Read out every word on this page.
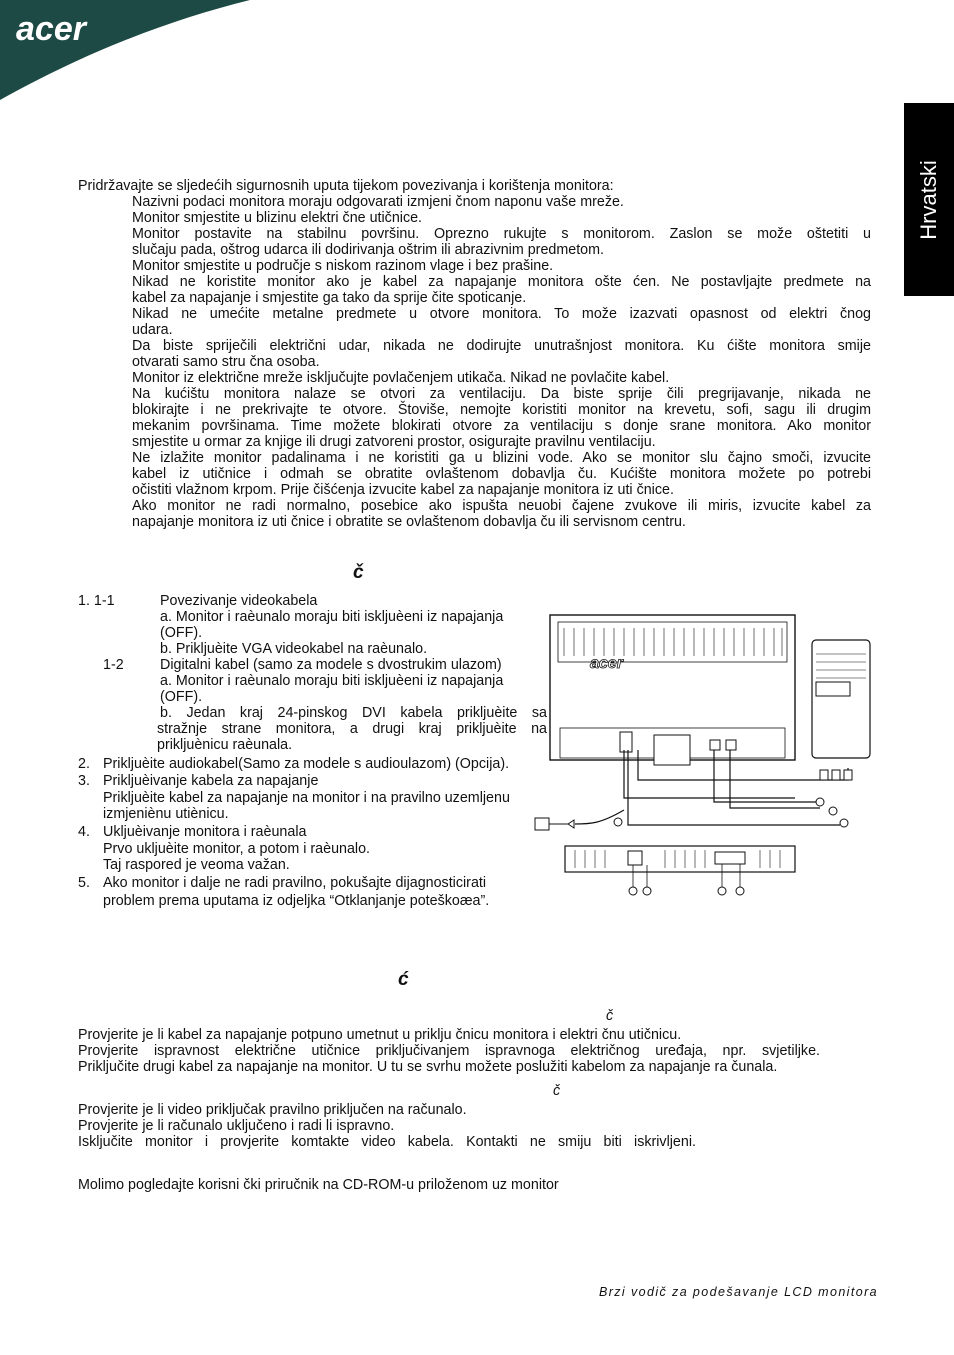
acer
Hrvatski
Pridržavajte se sljedećih sigurnosnih uputa tijekom povezivanja i korištenja monitora:
Nazivni podaci monitora moraju odgovarati izmjeni čnom naponu vaše mreže.
Monitor smjestite u blizinu elektri čne utičnice.
Monitor postavite na stabilnu površinu. Oprezno rukujte s monitorom. Zaslon se može oštetiti u
slučaju pada, oštrog udarca ili dodirivanja oštrim ili abrazivnim predmetom.
Monitor smjestite u područje s niskom razinom vlage i bez prašine.
Nikad ne koristite monitor ako je kabel za napajanje monitora ošte ćen. Ne postavljajte predmete na
kabel za napajanje i smjestite ga tako da sprije čite spoticanje.
Nikad ne umećite metalne predmete u otvore monitora. To može izazvati opasnost od elektri čnog
udara.
Da biste spriječili električni udar, nikada ne dodirujte unutrašnjost monitora. Ku ćište monitora smije
otvarati samo stru čna osoba.
Monitor iz električne mreže isključujte povlačenjem utikača. Nikad ne povlačite kabel.
Na kućištu monitora nalaze se otvori za ventilaciju. Da biste sprije čili pregrijavanje, nikada ne
blokirajte i ne prekrivajte te otvore. Štoviše, nemojte koristiti monitor na krevetu, sofi, sagu ili drugim
mekanim površinama. Time možete blokirati otvore za ventilaciju s donje srane monitora. Ako monitor
smjestite u ormar za knjige ili drugi zatvoreni prostor, osigurajte pravilnu ventilaciju.
Ne izlažite monitor padalinama i ne koristiti ga u blizini vode. Ako se monitor slu čajno smoči, izvucite
kabel iz utičnice i odmah se obratite ovlaštenom dobavlja ču. Kućište monitora možete po potrebi
očistiti vlažnom krpom. Prije čišćenja izvucite kabel za napajanje monitora iz uti čnice.
Ako monitor ne radi normalno, posebice ako ispušta neuobi čajene zvukove ili miris, izvucite kabel za
napajanje monitora iz uti čnice i obratite se ovlaštenom dobavlja ču ili servisnom centru.
č
1. 1-1	Povezivanje videokabela
a. Monitor i raèunalo moraju biti iskljuèeni iz napajanja
(OFF).
b. Prikljuèite VGA videokabel na raèunalo.
1-2	Digitalni kabel (samo za modele s dvostrukim ulazom)
a. Monitor i raèunalo moraju biti iskljuèeni iz napajanja
(OFF).
b. Jedan kraj 24-pinskog DVI kabela prikljuèite sa
stražnje strane monitora, a drugi kraj prikljuèite na
prikljuènicu raèunala.
2. Prikljuèite audiokabel(Samo za modele s audioulazom) (Opcija).
3. Prikljuèivanje kabela za napajanje
Prikljuèite kabel za napajanje na monitor i na pravilno uzemljenu
izmjeniènu utiènicu.
4. Ukljuèivanje monitora i raèunala
Prvo ukljuèite monitor, a potom i raèunalo.
Taj raspored je veoma važan.
5. Ako monitor i dalje ne radi pravilno, pokušajte dijagnosticirati
problem prema uputama iz odjeljka “Otklanjanje poteškoæa”.
acer
ć
č
Provjerite je li kabel za napajanje potpuno umetnut u priklju čnicu monitora i elektri čnu utičnicu.
Provjerite ispravnost električne utičnice priključivanjem ispravnoga električnog uređaja, npr. svjetiljke.
Priključite drugi kabel za napajanje na monitor. U tu se svrhu možete poslužiti kabelom za napajanje ra čunala.
č
Provjerite je li video priključak pravilno priključen na računalo.
Provjerite je li računalo uključeno i radi li ispravno.
Isključite monitor i provjerite komtakte video kabela. Kontakti ne smiju biti iskrivljeni.
Molimo pogledajte korisni čki priručnik na CD-ROM-u priloženom uz monitor
Brzi vodič za podešavanje LCD monitora
